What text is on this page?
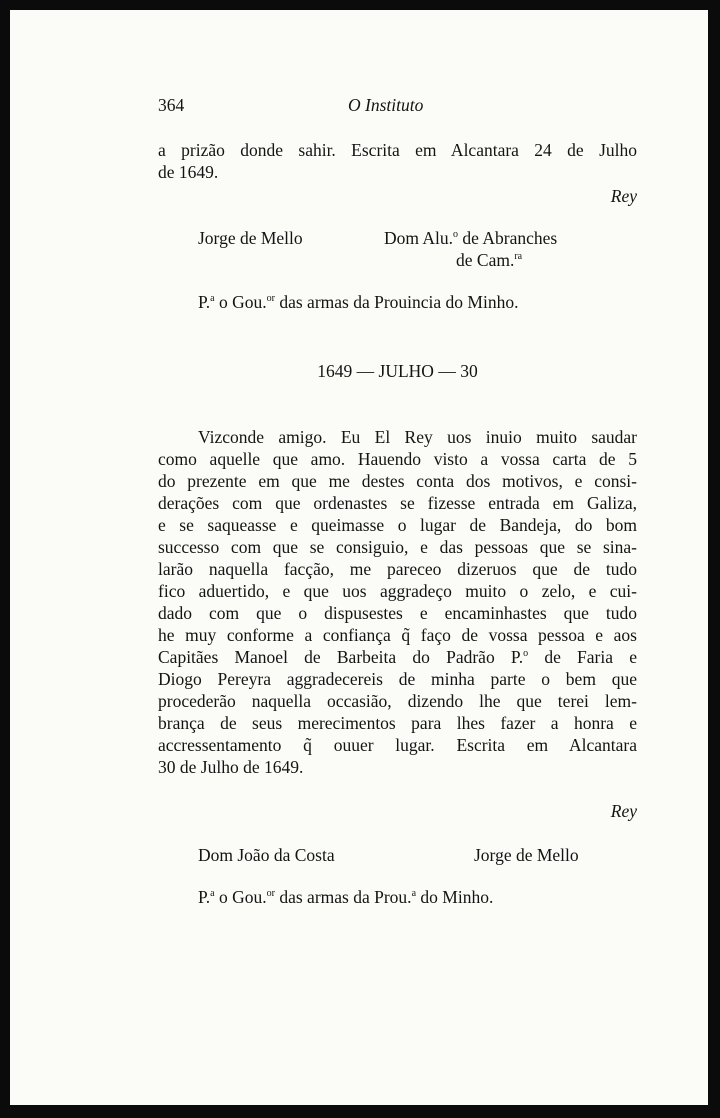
364	O Instituto
a prizão donde sahir. Escrita em Alcantara 24 de Julho
de 1649.
Rey
Jorge de Mello	Dom Alu.$^o$ de Abranches
de Cam.$^{ra}$
P.$^a$ o Gou.$^{or}$ das armas da Prouincia do Minho.
1649 — JULHO — 30
Vizconde amigo. Eu El Rey uos inuio muito saudar
como aquelle que amo. Hauendo visto a vossa carta de 5
do prezente em que me destes conta dos motivos, e consi-
derações com que ordenastes se fizesse entrada em Galiza,
e se saqueasse e queimasse o lugar de Bandeja, do bom
successo com que se consiguio, e das pessoas que se sina-
larão naquella facção, me pareceo dizeruos que de tudo
fico aduertido, e que uos aggradeço muito o zelo, e cui-
dado com que o dispusestes e encaminhastes que tudo
he muy conforme a confiança q̃ faço de vossa pessoa e aos
Capitães Manoel de Barbeita do Padrão P.$^o$ de Faria e
Diogo Pereyra aggradecereis de minha parte o bem que
procederão naquella occasião, dizendo lhe que terei lem-
brança de seus merecimentos para lhes fazer a honra e
accressentamento q̃ ouuer lugar. Escrita em Alcantara
30 de Julho de 1649.
Rey
Dom João da Costa	Jorge de Mello
P.$^a$ o Gou.$^{or}$ das armas da Prou.$^a$ do Minho.
